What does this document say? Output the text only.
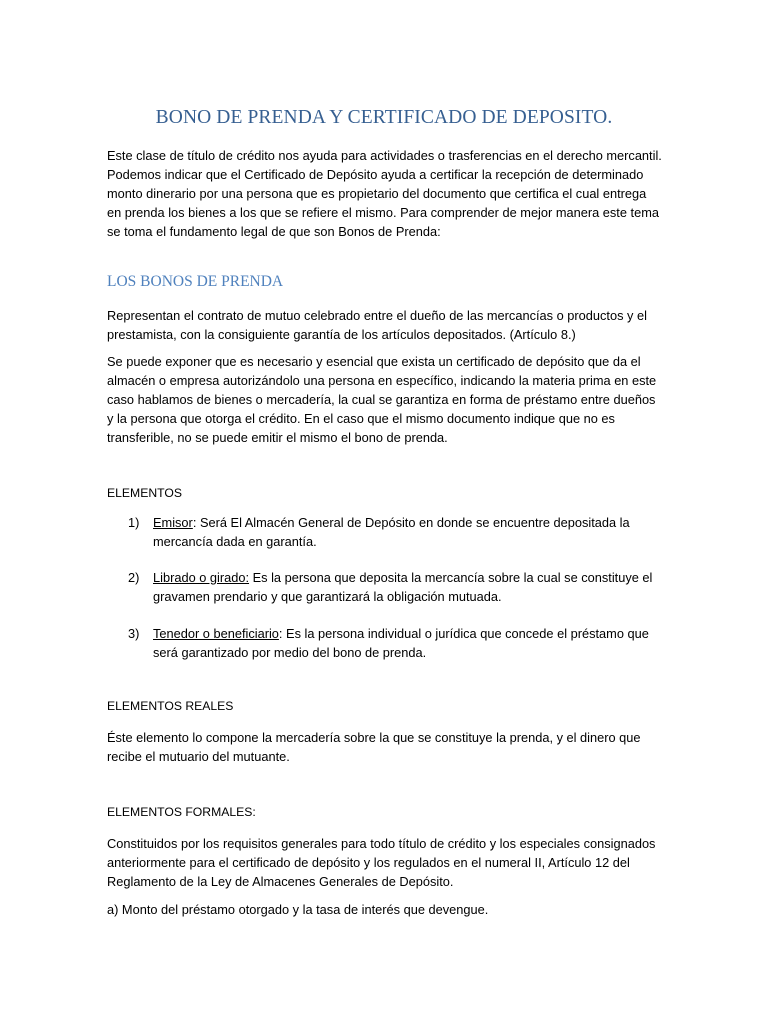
BONO DE PRENDA Y CERTIFICADO DE DEPOSITO.
Este clase de título de crédito nos ayuda para actividades o trasferencias en el derecho mercantil. Podemos indicar que el Certificado de Depósito ayuda a certificar la recepción de determinado monto dinerario por una persona que es propietario del documento que certifica el cual entrega en prenda los bienes a los que se refiere el mismo. Para comprender de mejor manera este tema se toma el fundamento legal de que son Bonos de Prenda:
LOS BONOS DE PRENDA
Representan el contrato de mutuo celebrado entre el dueño de las mercancías o productos y el prestamista, con la consiguiente garantía de los artículos depositados. (Artículo 8.)
Se puede exponer que es necesario y esencial que exista un certificado de depósito que da el almacén o empresa autorizándolo una persona en específico, indicando la materia prima en este caso hablamos de bienes o mercadería, la cual se garantiza en forma de préstamo entre dueños y la persona que otorga el crédito. En el caso que el mismo documento indique que no es transferible, no se puede emitir el mismo el bono de prenda.
ELEMENTOS
1) Emisor: Será El Almacén General de Depósito en donde se encuentre depositada la mercancía dada en garantía.
2) Librado o girado: Es la persona que deposita la mercancía sobre la cual se constituye el gravamen prendario y que garantizará la obligación mutuada.
3) Tenedor o beneficiario: Es la persona individual o jurídica que concede el préstamo que será garantizado por medio del bono de prenda.
ELEMENTOS REALES
Éste elemento lo compone la mercadería sobre la que se constituye la prenda, y el dinero que recibe el mutuario del mutuante.
ELEMENTOS FORMALES:
Constituidos por los requisitos generales para todo título de crédito y los especiales consignados anteriormente para el certificado de depósito y los regulados en el numeral II, Artículo 12 del Reglamento de la Ley de Almacenes Generales de Depósito.
a) Monto del préstamo otorgado y la tasa de interés que devengue.
